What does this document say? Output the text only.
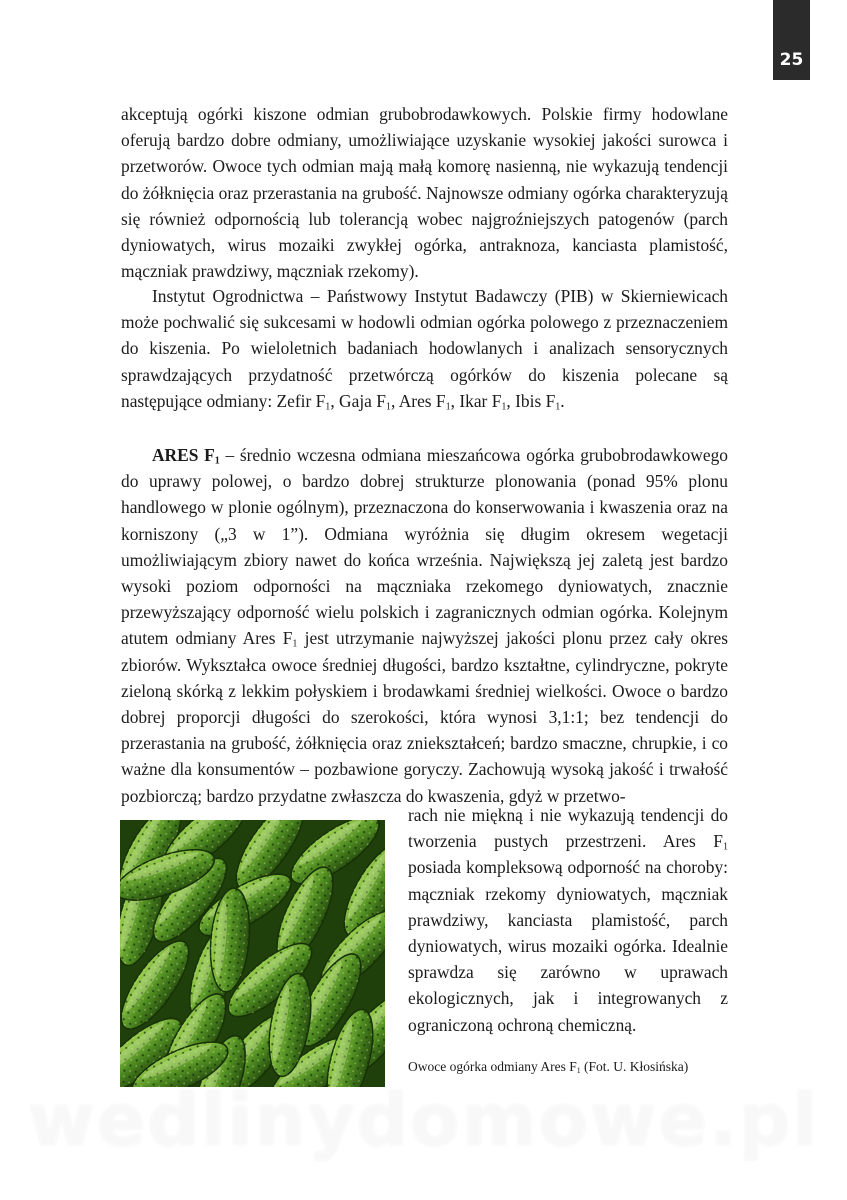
25

akceptują ogórki kiszone odmian grubobrodawkowych. Polskie firmy hodowlane oferują bardzo dobre odmiany, umożliwiające uzyskanie wysokiej jakości surowca i przetworów. Owoce tych odmian mają małą komorę nasienną, nie wykazują tendencji do żółknięcia oraz przerastania na grubość. Najnowsze odmiany ogórka charakteryzują się również odpornością lub tolerancją wobec najgroźniejszych patogenów (parch dyniowatych, wirus mozaiki zwykłej ogórka, antraknoza, kanciasta plamistość, mączniak prawdziwy, mączniak rzekomy).

Instytut Ogrodnictwa – Państwowy Instytut Badawczy (PIB) w Skierniewicach może pochwalić się sukcesami w hodowli odmian ogórka polowego z przeznaczeniem do kiszenia. Po wieloletnich badaniach hodowlanych i analizach sensorycznych sprawdzających przydatność przetwórczą ogórków do kiszenia polecane są następujące odmiany: Zefir $F_1$, Gaja $F_1$, Ares $F_1$, Ikar $F_1$, Ibis $F_1$.

ARES $F_1$ – średnio wczesna odmiana mieszańcowa ogórka grubobrodawkowego do uprawy polowej, o bardzo dobrej strukturze plonowania (ponad 95% plonu handlowego w plonie ogólnym), przeznaczona do konserwowania i kwaszenia oraz na korniszony („3 w 1”). Odmiana wyróżnia się długim okresem wegetacji umożliwiającym zbiory nawet do końca września. Największą jej zaletą jest bardzo wysoki poziom odporności na mączniaka rzekomego dyniowatych, znacznie przewyższający odporność wielu polskich i zagranicznych odmian ogórka. Kolejnym atutem odmiany Ares $F_1$ jest utrzymanie najwyższej jakości plonu przez cały okres zbiorów. Wykształca owoce średniej długości, bardzo kształtne, cylindryczne, pokryte zieloną skórką z lekkim połyskiem i brodawkami średniej wielkości. Owoce o bardzo dobrej proporcji długości do szerokości, która wynosi 3,1:1; bez tendencji do przerastania na grubość, żółknięcia oraz zniekształceń; bardzo smaczne, chrupkie, i co ważne dla konsumentów – pozbawione goryczy. Zachowują wysoką jakość i trwałość pozbiorczą; bardzo przydatne zwłaszcza do kwaszenia, gdyż w przetwo-

rach nie miękną i nie wykazują tendencji do tworzenia pustych przestrzeni. Ares $F_1$ posiada kompleksową odporność na choroby: mączniak rzekomy dyniowatych, mączniak prawdziwy, kanciasta plamistość, parch dyniowatych, wirus mozaiki ogórka. Idealnie sprawdza się zarówno w uprawach ekologicznych, jak i integrowanych z ograniczoną ochroną chemiczną.

Owoce ogórka odmiany Ares $F_1$ (Fot. U. Kłosińska)

wedlinydomowe.pl
